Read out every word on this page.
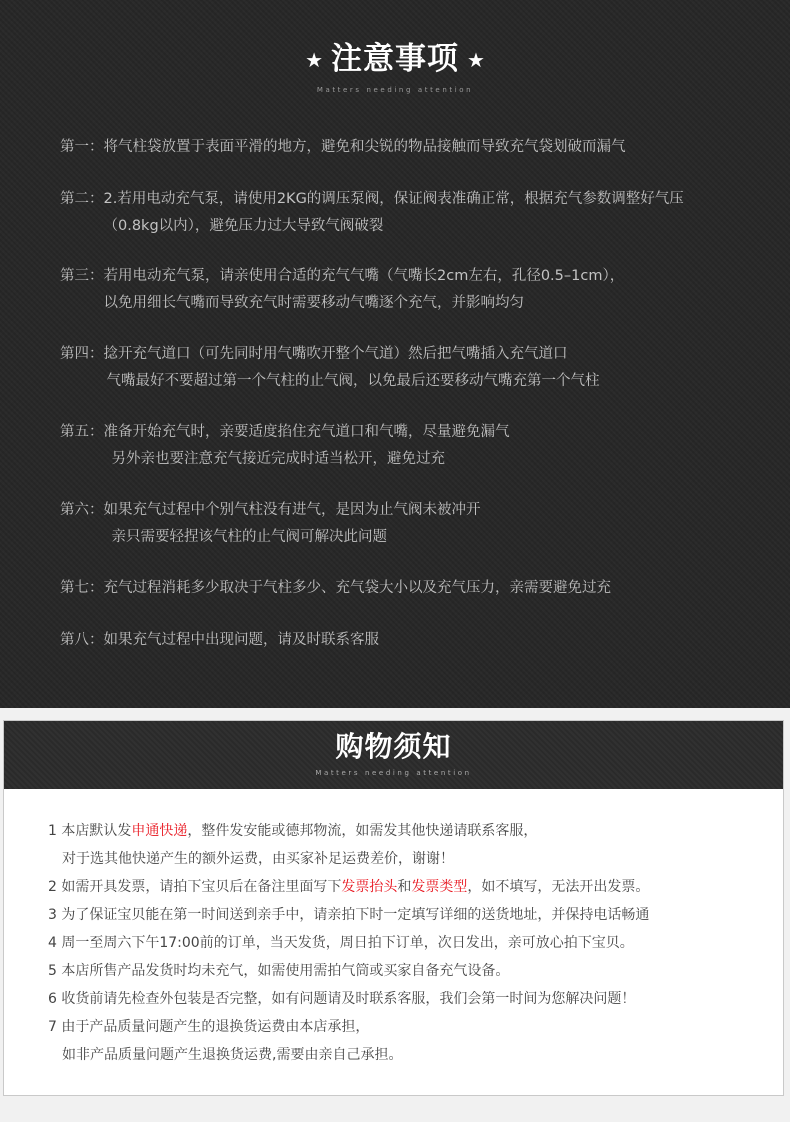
★ 注意事项 ★
Matters needing attention
第一： 将气柱袋放置于表面平滑的地方，避免和尖锐的物品接触而导致充气袋划破而漏气
第二： 2.若用电动充气泵，请使用2KG的调压泵阀，保证阀表准确正常，根据充气参数调整好气压
（0.8kg以内），避免压力过大导致气阀破裂
第三： 若用电动充气泵，请亲使用合适的充气气嘴（气嘴长2cm左右，孔径0.5–1cm），
以免用细长气嘴而导致充气时需要移动气嘴逐个充气，并影响均匀
第四： 捻开充气道口（可先同时用气嘴吹开整个气道）然后把气嘴插入充气道口
气嘴最好不要超过第一个气柱的止气阀，以免最后还要移动气嘴充第一个气柱
第五： 准备开始充气时，亲要适度掐住充气道口和气嘴，尽量避免漏气
另外亲也要注意充气接近完成时适当松开，避免过充
第六： 如果充气过程中个别气柱没有进气，是因为止气阀未被冲开
亲只需要轻捏该气柱的止气阀可解决此问题
第七： 充气过程消耗多少取决于气柱多少、充气袋大小以及充气压力，亲需要避免过充
第八： 如果充气过程中出现问题，请及时联系客服
购物须知
Matters needing attention
1 本店默认发申通快递，整件发安能或德邦物流，如需发其他快递请联系客服，
对于选其他快递产生的额外运费，由买家补足运费差价，谢谢！
2 如需开具发票，请拍下宝贝后在备注里面写下发票抬头和发票类型，如不填写，无法开出发票。
3 为了保证宝贝能在第一时间送到亲手中，请亲拍下时一定填写详细的送货地址，并保持电话畅通
4 周一至周六下午17:00前的订单，当天发货，周日拍下订单，次日发出，亲可放心拍下宝贝。
5 本店所售产品发货时均未充气，如需使用需拍气筒或买家自备充气设备。
6 收货前请先检查外包装是否完整，如有问题请及时联系客服，我们会第一时间为您解决问题！
7 由于产品质量问题产生的退换货运费由本店承担，
如非产品质量问题产生退换货运费,需要由亲自己承担。
